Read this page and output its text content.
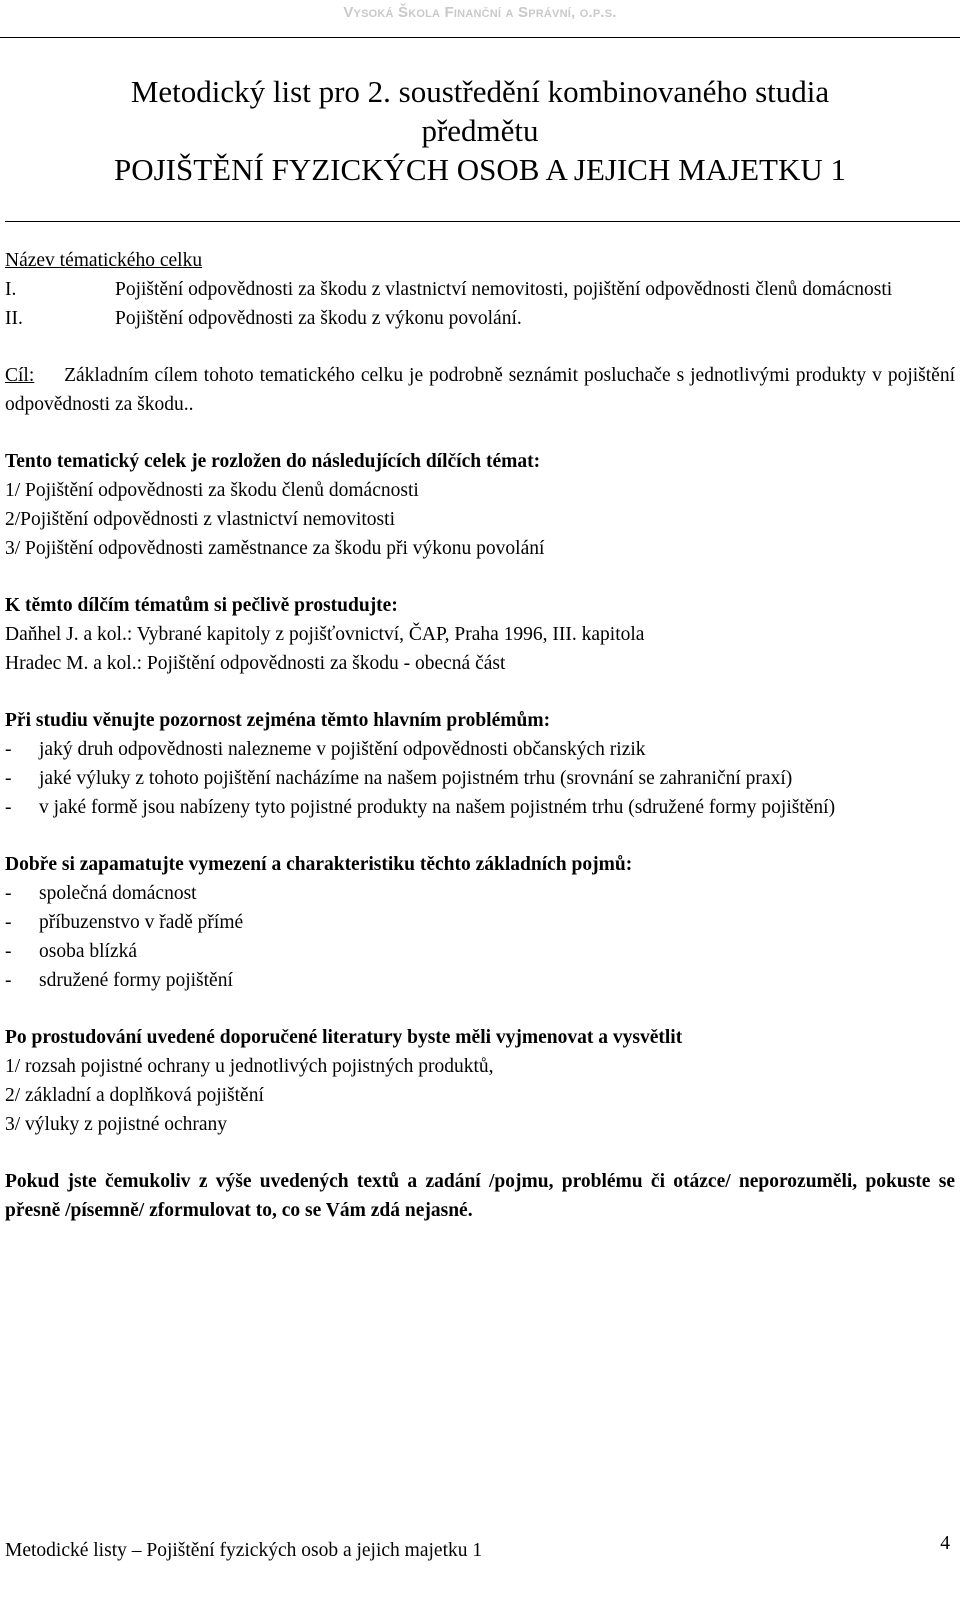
Vysoká Škola Finanční a Správní, o.p.s.
Metodický list pro 2. soustředění kombinovaného studia
předmětu
POJIŠTĚNÍ FYZICKÝCH OSOB A JEJICH MAJETKU 1

Název tématického celku

I.	Pojištění odpovědnosti za škodu z vlastnictví nemovitosti, pojištění odpovědnosti členů domácnosti
II.	Pojištění odpovědnosti za škodu z výkonu povolání.

Cíl: Základním cílem tohoto tematického celku je podrobně seznámit posluchače s jednotlivými produkty v pojištění odpovědnosti za škodu..

Tento tematický celek je rozložen do následujících dílčích témat:

1/ Pojištění odpovědnosti za škodu členů domácnosti

2/Pojištění odpovědnosti z vlastnictví nemovitosti

3/ Pojištění odpovědnosti zaměstnance za škodu při výkonu povolání

K těmto dílčím tématům si pečlivě prostudujte:

Daňhel J. a kol.: Vybrané kapitoly z pojišťovnictví, ČAP, Praha 1996, III. kapitola

Hradec M. a kol.: Pojištění odpovědnosti za škodu - obecná část

Při studiu věnujte pozornost zejména těmto hlavním problémům:

-	jaký druh odpovědnosti nalezneme v pojištění odpovědnosti občanských rizik
-	jaké výluky z tohoto pojištění nacházíme na našem pojistném trhu (srovnání se zahraniční praxí)
-	v jaké formě jsou nabízeny tyto pojistné produkty na našem pojistném trhu (sdružené formy pojištění)

Dobře si zapamatujte vymezení a charakteristiku těchto základních pojmů:

-	společná domácnost
-	příbuzenstvo v řadě přímé
-	osoba blízká
-	sdružené formy pojištění

Po prostudování uvedené doporučené literatury byste měli vyjmenovat a vysvětlit

1/ rozsah pojistné ochrany u jednotlivých pojistných produktů,

2/ základní a doplňková pojištění

3/ výluky z pojistné ochrany

Pokud jste čemukoliv z výše uvedených textů a zadání /pojmu, problému či otázce/ neporozuměli, pokuste se přesně /písemně/ zformulovat to, co se Vám zdá nejasné.

Metodické listy – Pojištění fyzických osob a jejich majetku 1	4
